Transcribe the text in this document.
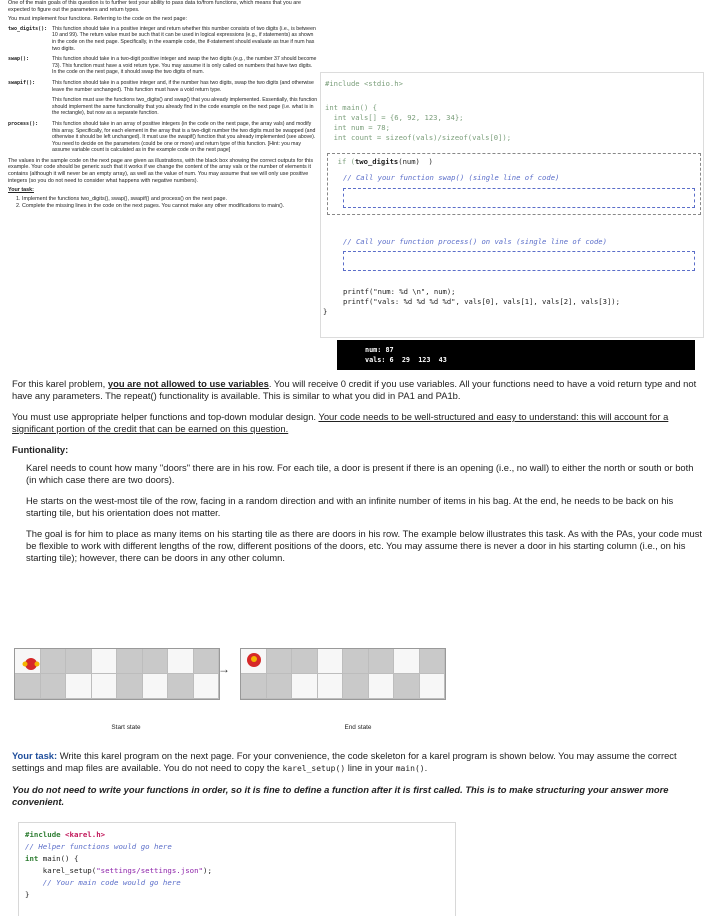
One of the main goals of this question is to further test your ability to pass data to/from functions, which means that you are expected to figure out the parameters and return types.

You must implement four functions. Referring to the code on the next page:

two_digits():	This function should take in a positive integer and return whether this number consists of two digits (i.e., is between 10 and 99). The return value must be such that it can be used in logical expressions (e.g., if statements) as shown in the code on the next page. Specifically, in the example code, the if-statement should evaluate as true if num has two digits.
swap():	This function should take in a two-digit positive integer and swap the two digits (e.g., the number 37 should become 73). This function must have a void return type. You may assume it is only called on numbers that have two digits. In the code on the next page, it should swap the two digits of num.
swapif():	This function should take in a positive integer and, if the number has two digits, swap the two digits (and otherwise leave the number unchanged). This function must have a void return type.
	This function must use the functions two_digits() and swap() that you already implemented. Essentially, this function should implement the same functionality that you already find in the code example on the next page (i.e. what is in the rectangle), but now as a separate function.
process():	This function should take in an array of positive integers (in the code on the next page, the array vals) and modify this array. Specifically, for each element in the array that is a two-digit number the two digits must be swapped (and otherwise it should be left unchanged). It must use the swapif() function that you already implemented (see above). You need to decide on the parameters (could be one or more) and return type of this function. [Hint: you may assume variable count is calculated as in the example code on the next page]

The values in the sample code on the next page are given as illustrations, with the black box showing the correct outputs for this example. Your code should be generic such that it works if we change the content of the array vals or the number of elements it contains (although it will never be an empty array), as well as the value of num. You may assume that we will only use positive integers (so you do not need to consider what happens with negative numbers).

Your task:
1. Implement the functions two_digits(), swap(), swapif() and process() on the next page.
2. Complete the missing lines in the code on the next pages. You cannot make any other modifications to main().
#include <stdio.h>
int main() {
int vals[] = {6, 92, 123, 34};
int num = 78;
int count = sizeof(vals)/sizeof(vals[0]);
if (two_digits(num)  )
// Call your function swap() (single line of code)
// Call your function process() on vals (single line of code)
printf("num: %d \n", num);
printf("vals: %d %d %d %d", vals[0], vals[1], vals[2], vals[3]);
}
num: 87
vals: 6  29  123  43

For this karel problem, you are not allowed to use variables. You will receive 0 credit if you use variables. All your functions need to have a void return type and not have any parameters. The repeat() functionality is available. This is similar to what you did in PA1 and PA1b.

You must use appropriate helper functions and top-down modular design. Your code needs to be well-structured and easy to understand: this will account for a significant portion of the credit that can be earned on this question.

Funtionality:

Karel needs to count how many "doors" there are in his row. For each tile, a door is present if there is an opening (i.e., no wall) to either the north or south or both (in which case there are two doors).

He starts on the west-most tile of the row, facing in a random direction and with an infinite number of items in his bag. At the end, he needs to be back on his starting tile, but his orientation does not matter.

The goal is for him to place as many items on his starting tile as there are doors in his row. The example below illustrates this task. As with the PAs, your code must be flexible to work with different lengths of the row, different positions of the doors, etc. You may assume there is never a door in his starting column (i.e., on his starting tile); however, there can be doors in any other column.

→
Start state	End state

Your task: Write this karel program on the next page. For your convenience, the code skeleton for a karel program is shown below. You may assume the correct settings and map files are available. You do not need to copy the karel_setup() line in your main().

You do not need to write your functions in order, so it is fine to define a function after it is first called. This is to make structuring your answer more convenient.

#include <karel.h>
// Helper functions would go here
int main() {
karel_setup("settings/settings.json");
// Your main code would go here
}
